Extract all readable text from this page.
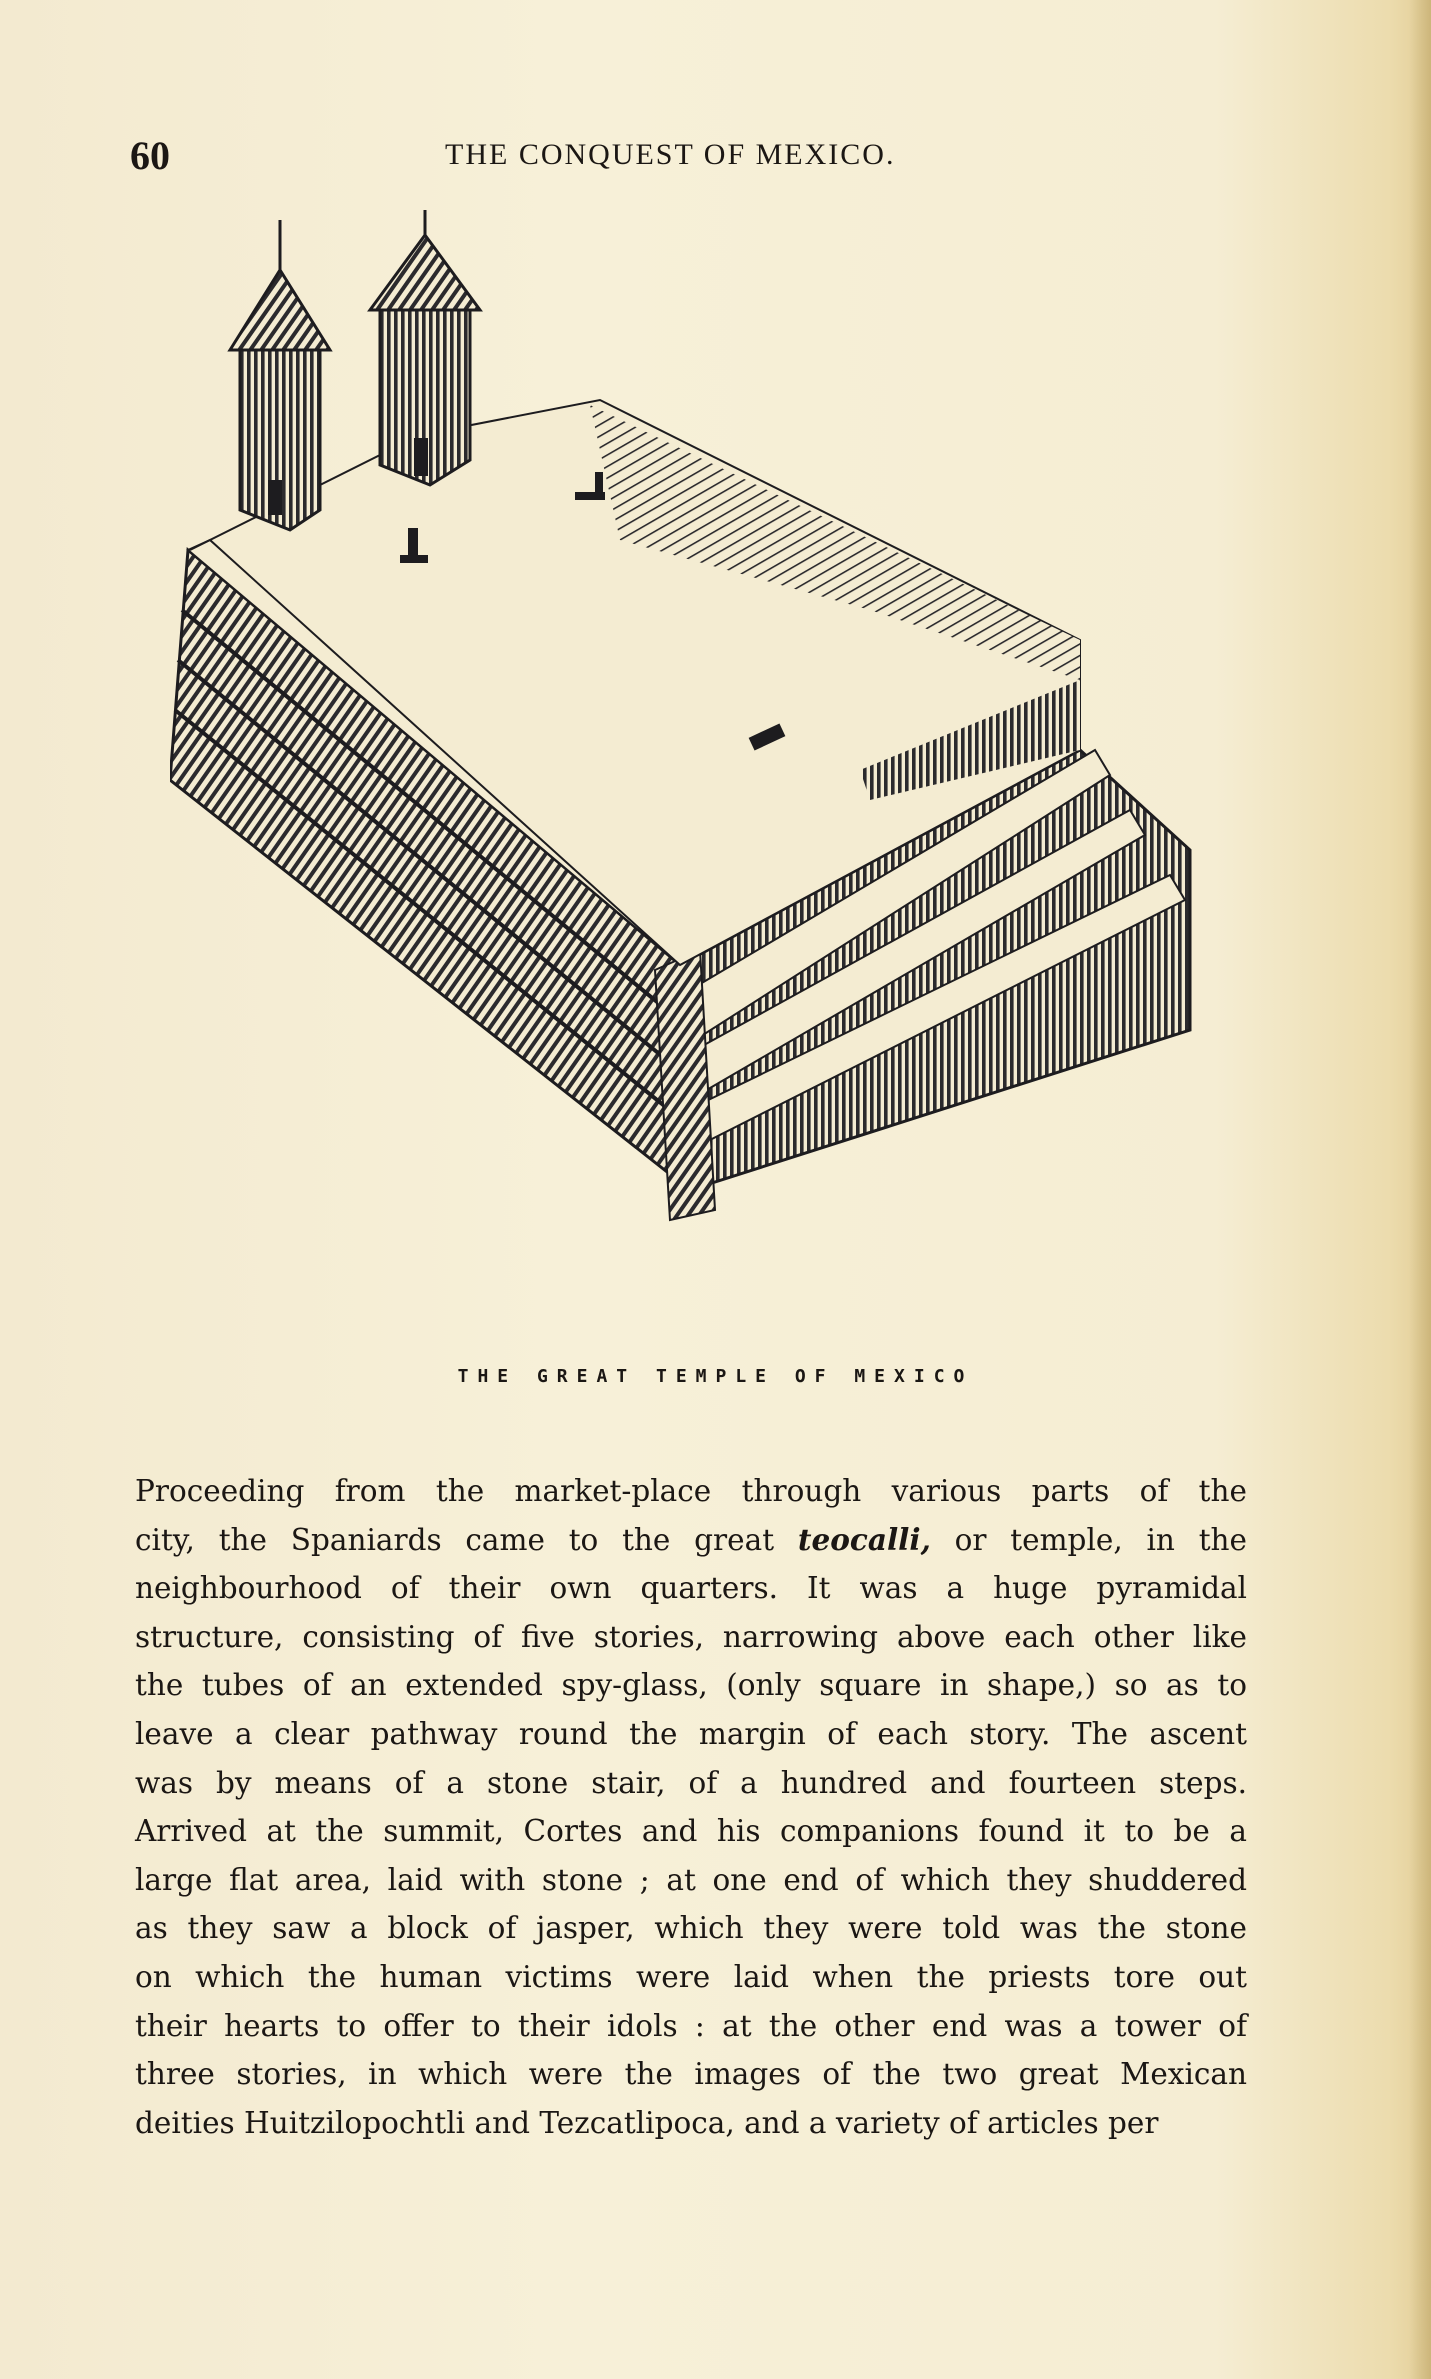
60	THE CONQUEST OF MEXICO.
THE GREAT TEMPLE OF MEXICO
Proceeding from the market-place through various parts of the
city, the Spaniards came to the great teocalli, or temple, in the
neighbourhood of their own quarters. It was a huge pyramidal
structure, consisting of five stories, narrowing above each other like
the tubes of an extended spy-glass, (only square in shape,) so as to
leave a clear pathway round the margin of each story. The ascent
was by means of a stone stair, of a hundred and fourteen steps.
Arrived at the summit, Cortes and his companions found it to be a
large flat area, laid with stone ; at one end of which they shuddered
as they saw a block of jasper, which they were told was the stone
on which the human victims were laid when the priests tore out
their hearts to offer to their idols : at the other end was a tower of
three stories, in which were the images of the two great Mexican
deities Huitzilopochtli and Tezcatlipoca, and a variety of articles per
